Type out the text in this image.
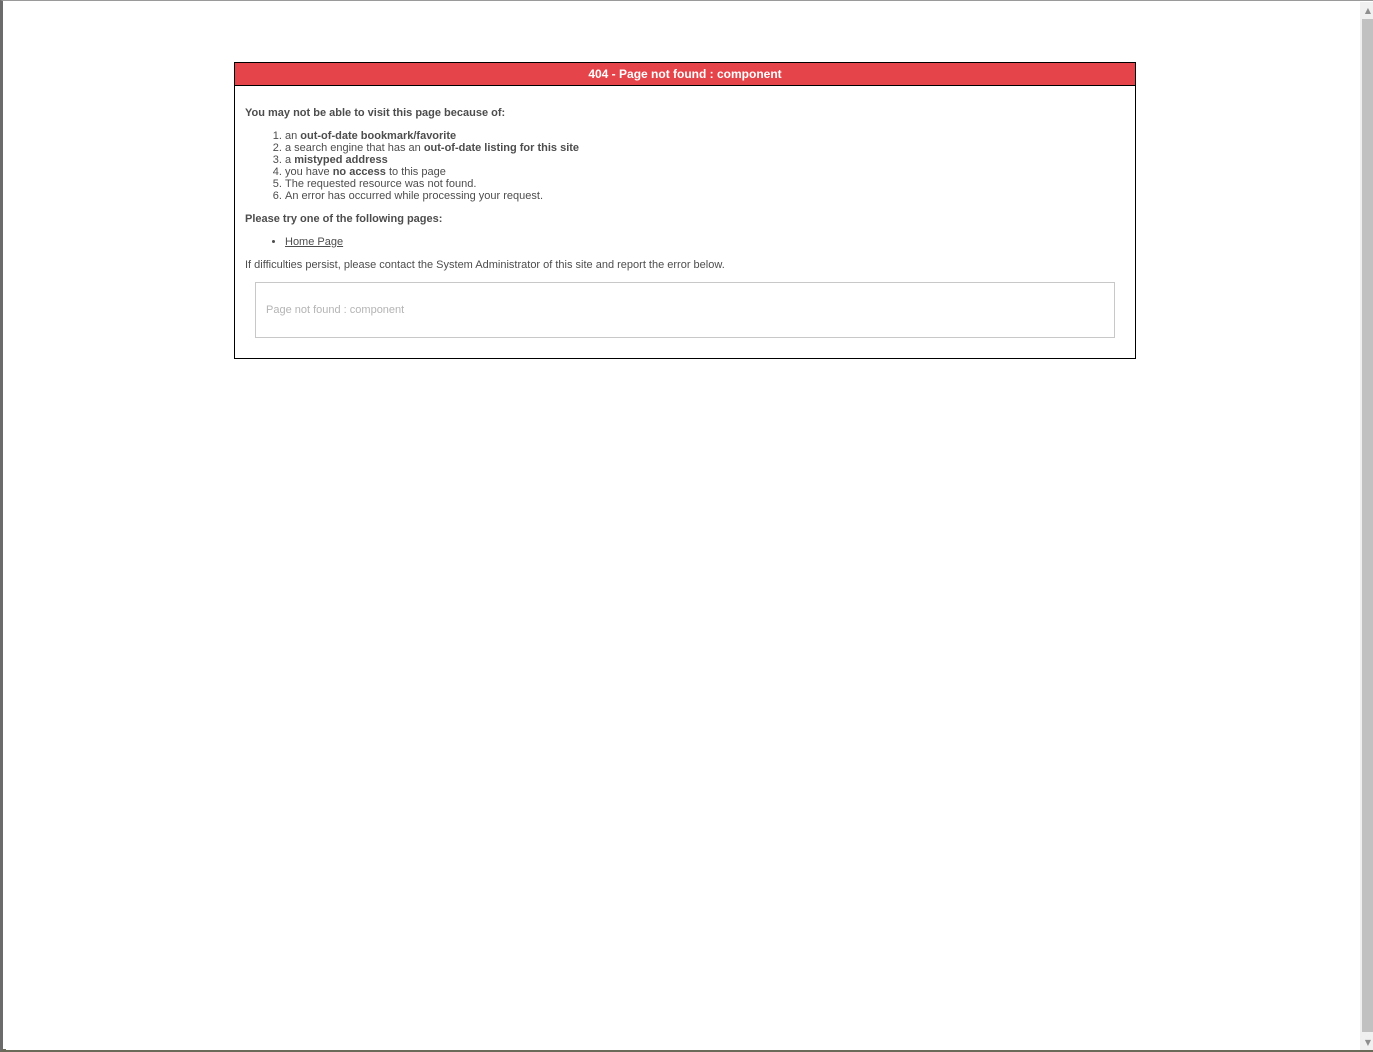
404 - Page not found : component

You may not be able to visit this page because of:

1. an out-of-date bookmark/favorite
2. a search engine that has an out-of-date listing for this site
3. a mistyped address
4. you have no access to this page
5. The requested resource was not found.
6. An error has occurred while processing your request.

Please try one of the following pages:

• Home Page

If difficulties persist, please contact the System Administrator of this site and report the error below.

Page not found : component
▲
▼
